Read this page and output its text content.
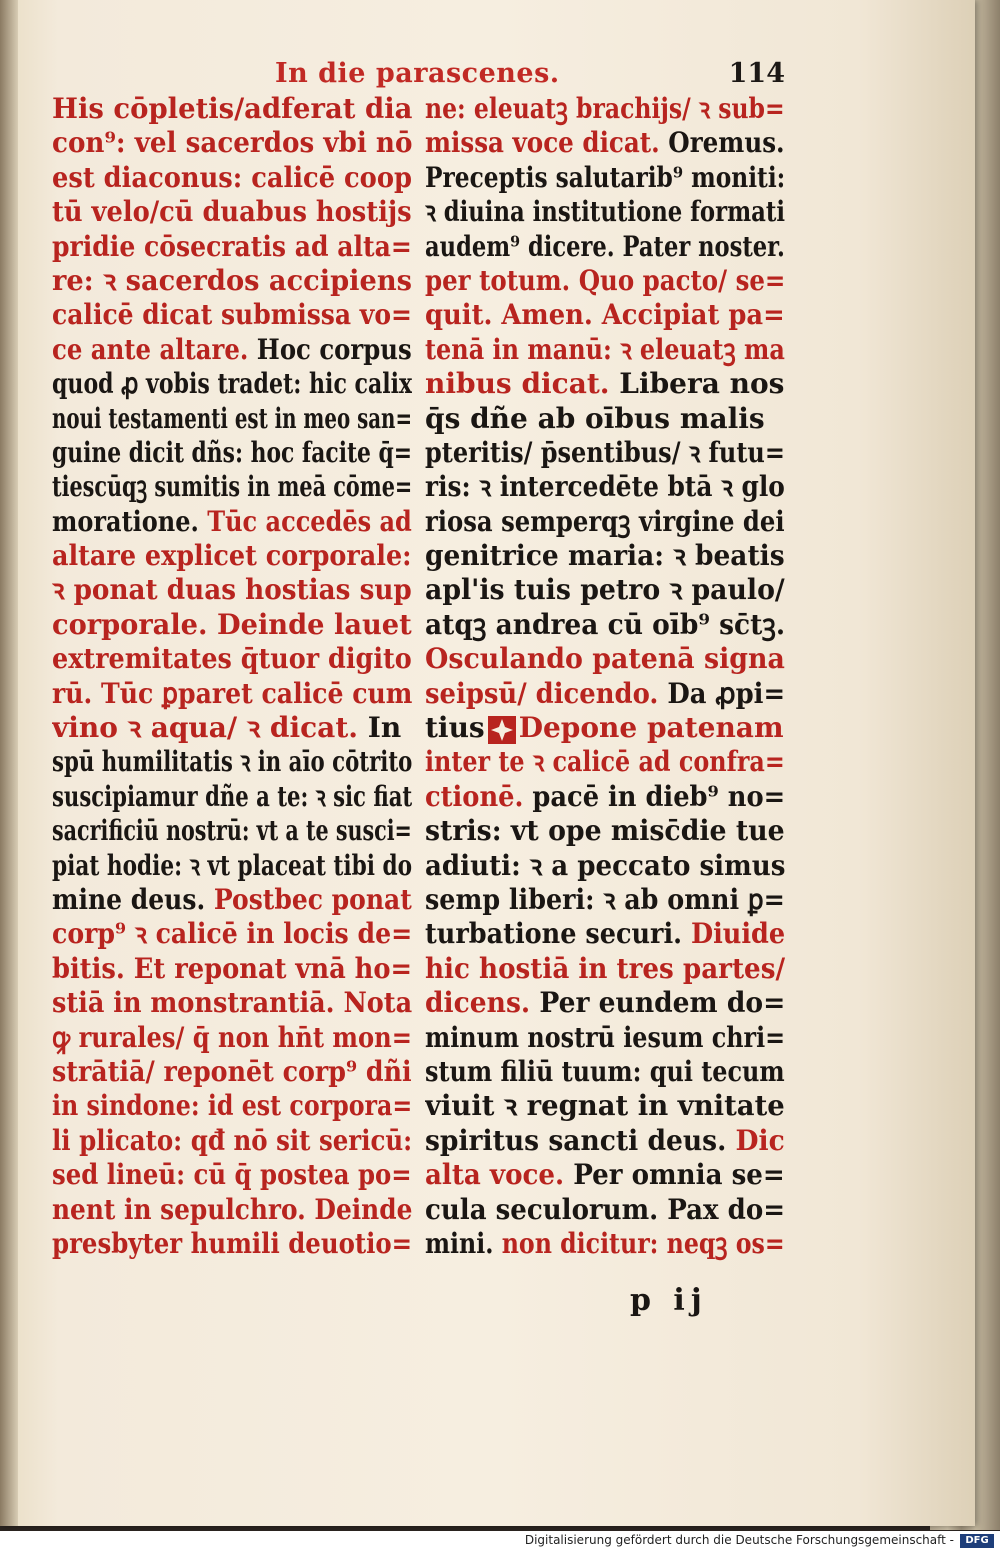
In die parascenes.	114
His cōpletis/adferat dia
con⁹: vel sacerdos vbi nō
est diaconus: calicē coop
tū velo/cū duabus hostijs
pridie cōsecratis ad alta=
re: ꝛ sacerdos accipiens
calicē dicat submissa vo=
ce ante altare. Hoc corpus
quod ꝓ vobis tradet: hic calix
noui testamenti est in meo san=
guine dicit dñs: hoc facite q̄=
tiescūqꝫ sumitis in meā cōme=
moratione. Tūc accedēs ad
altare explicet corporale:
ꝛ ponat duas hostias sup
corporale. Deinde lauet
extremitates q̄tuor digito
rū. Tūc ꝑparet calicē cum
vino ꝛ aqua/ ꝛ dicat. In
spū humilitatis ꝛ in aīo cōtrito
suscipiamur dñe a te: ꝛ sic fiat
sacrificiū nostrū: vt a te susci=
piat hodie: ꝛ vt placeat tibi do
mine deus. Postbec ponat
corp⁹ ꝛ calicē in locis de=
bitis. Et reponat vnā ho=
stiā in monstrantiā. Nota
ꝙ rurales/ q̄ non hn̄t mon=
strātiā/ reponēt corp⁹ dñi
in sindone: id est corpora=
li plicato: qđ nō sit sericū:
sed lineū: cū q̄ postea po=
nent in sepulchro. Deinde
presbyter humili deuotio=
ne: eleuatꝫ brachijs/ ꝛ sub=
missa voce dicat. Oremus.
Preceptis salutarib⁹ moniti:
ꝛ diuina institutione formati
audem⁹ dicere. Pater noster.
per totum. Quo pacto/ se=
quit. Amen. Accipiat pa=
tenā in manū: ꝛ eleuatꝫ ma
nibus dicat. Libera nos
q̄s dñe ab oībus malis
pteritis/ p̄sentibus/ ꝛ futu=
ris: ꝛ intercedēte btā ꝛ glo
riosa semperqꝫ virgine dei
genitrice maria: ꝛ beatis
apl'is tuis petro ꝛ paulo/
atqꝫ andrea cū oīb⁹ sc̄tꝫ.
Osculando patenā signa
seipsū/ dicendo. Da ꝓpi=
tius Depone patenam
inter te ꝛ calicē ad confra=
ctionē. pacē in dieb⁹ no=
stris: vt ope misc̄die tue
adiuti: ꝛ a peccato simus
semp liberi: ꝛ ab omni ꝑ=
turbatione securi. Diuide
hic hostiā in tres partes/
dicens. Per eundem do=
minum nostrū iesum chri=
stum filiū tuum: qui tecum
viuit ꝛ regnat in vnitate
spiritus sancti deus. Dic
alta voce. Per omnia se=
cula seculorum. Pax do=
mini. non dicitur: neqꝫ os=
p ij
Digitalisierung gefördert durch die Deutsche Forschungsgemeinschaft -	DFG
